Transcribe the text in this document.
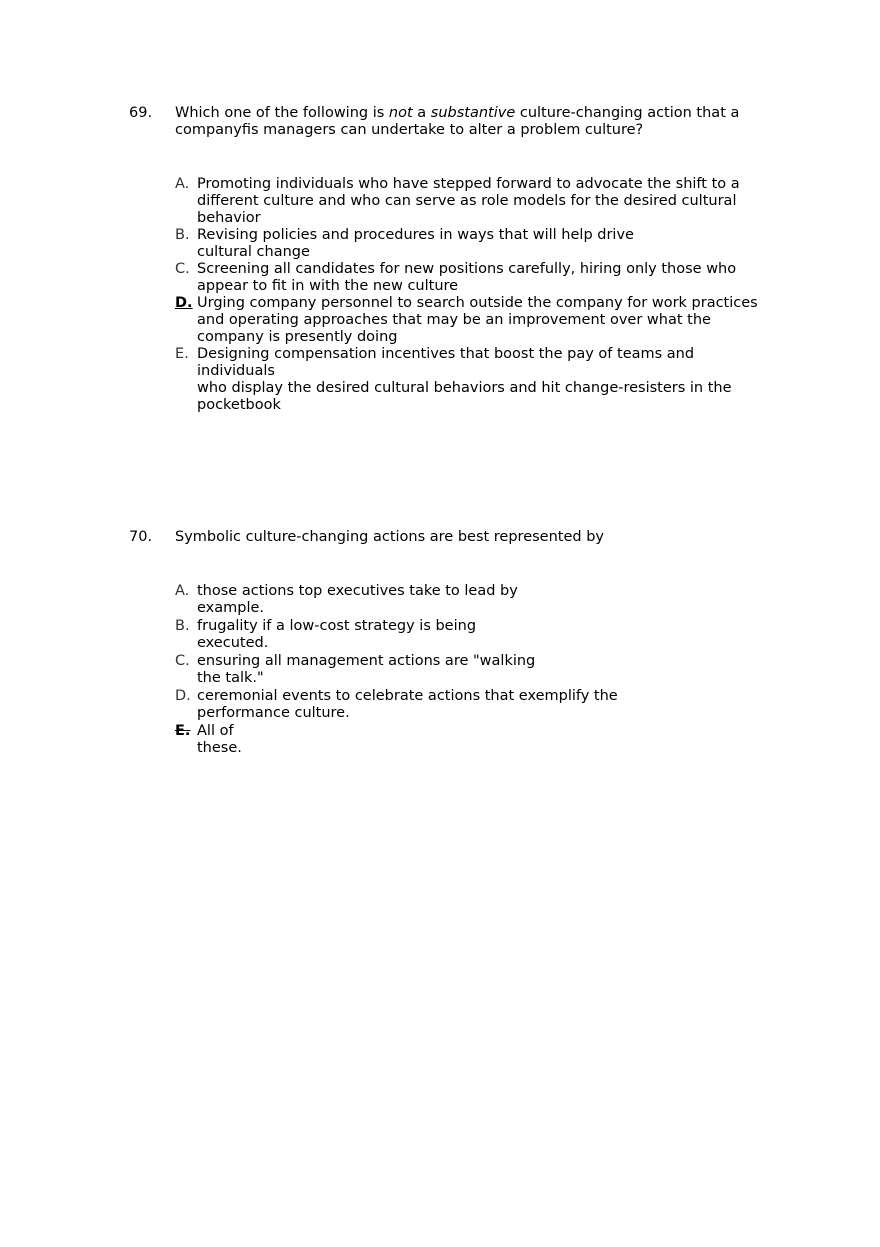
69. Which one of the following is not a substantive culture-changing action that a companyfis managers can undertake to alter a problem culture?
A. Promoting individuals who have stepped forward to advocate the shift to a
different culture and who can serve as role models for the desired cultural
behavior
B. Revising policies and procedures in ways that will help drive
cultural change
C. Screening all candidates for new positions carefully, hiring only those who
appear to fit in with the new culture
D. Urging company personnel to search outside the company for work practices
and operating approaches that may be an improvement over what the
company is presently doing
E. Designing compensation incentives that boost the pay of teams and individuals
who display the desired cultural behaviors and hit change-resisters in the
pocketbook
70. Symbolic culture-changing actions are best represented by
A. those actions top executives take to lead by
example.
B. frugality if a low-cost strategy is being
executed.
C. ensuring all management actions are "walking
the talk."
D. ceremonial events to celebrate actions that exemplify the
performance culture.
E. All of
these.
